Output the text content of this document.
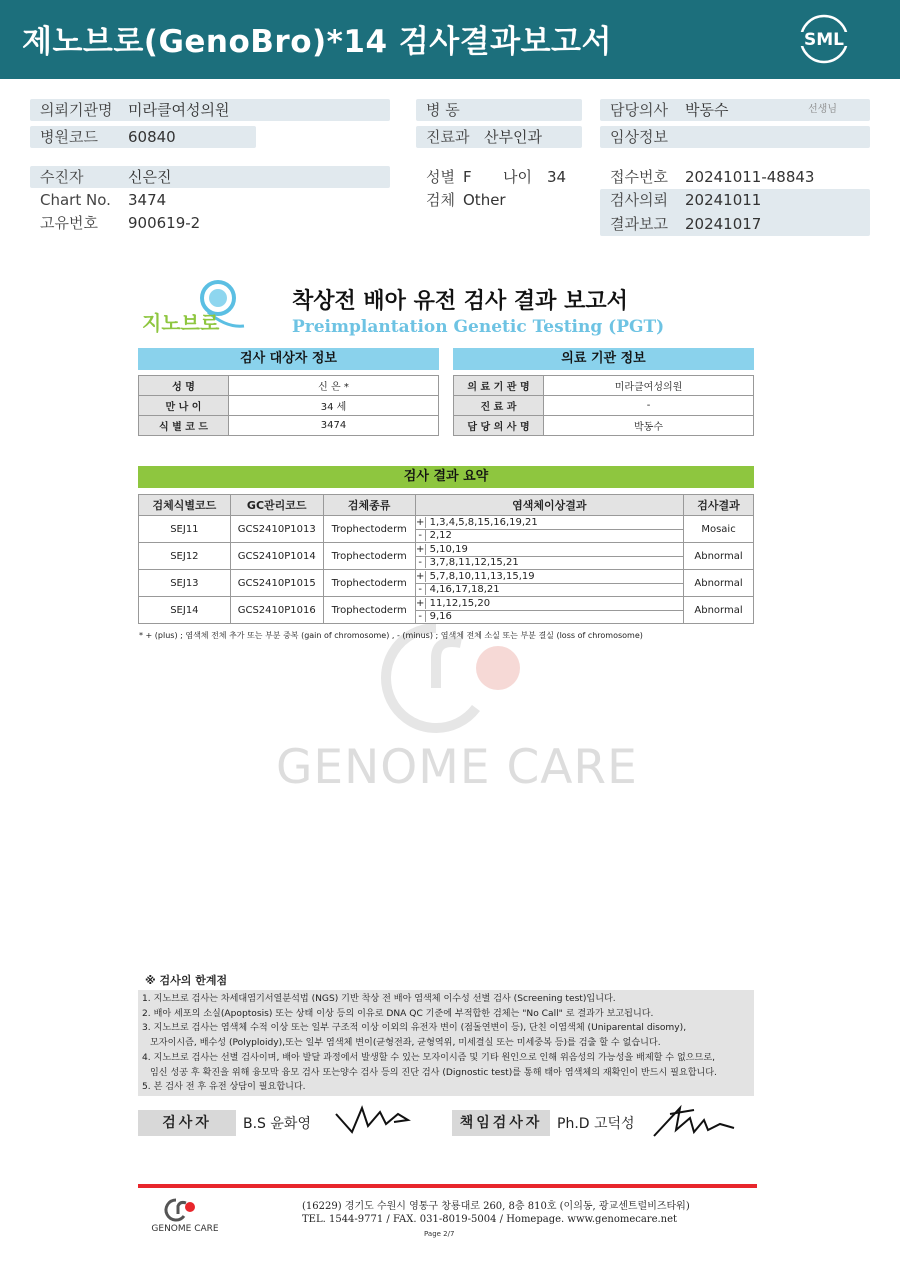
제노브로(GenoBro)*14 검사결과보고서	SML
의뢰기관명 미라클여성의원
병원코드 60840
수진자	신은진
Chart No. 3474
고유번호 900619-2
병 동
진료과 산부인과
성별 F 나이 34
검체 Other
담당의사 박동수	선생님
임상정보
접수번호 20241011-48843
검사의뢰 20241011
결과보고 20241017
지노브로
착상전 배아 유전 검사 결과 보고서
Preimplantation Genetic Testing (PGT)
검사 대상자 정보
성 명	신 은 *
만 나 이	34 세
식 별 코 드	3474
의료 기관 정보
의 료 기 관 명	미라클여성의원
진 료 과	-
담 당 의 사 명	박동수
GENOME CARE
검사 결과 요약
검체식별코드	GC관리코드	검체종류	염색체이상결과	검사결과
SEJ11	GCS2410P1013	Trophectoderm	+ 1,3,4,5,8,15,16,19,21	Mosaic
			- 2,12	
SEJ12	GCS2410P1014	Trophectoderm	+ 5,10,19	Abnormal
			- 3,7,8,11,12,15,21	
SEJ13	GCS2410P1015	Trophectoderm	+ 5,7,8,10,11,13,15,19	Abnormal
			- 4,16,17,18,21	
SEJ14	GCS2410P1016	Trophectoderm	+ 11,12,15,20	Abnormal
			- 9,16	
* + (plus) ; 염색체 전체 추가 또는 부분 중복 (gain of chromosome) , - (minus) ; 염색체 전체 소실 또는 부분 결실 (loss of chromosome)
※ 검사의 한계점
1. 지노브로 검사는 차세대염기서열분석법 (NGS) 기반 착상 전 배아 염색체 이수성 선별 검사 (Screening test)입니다.
2. 배아 세포의 소실(Apoptosis) 또는 상태 이상 등의 이유로 DNA QC 기준에 부적합한 검체는 "No Call" 로 결과가 보고됩니다.
3. 지노브로 검사는 염색체 수적 이상 또는 일부 구조적 이상 이외의 유전자 변이 (점돌연변이 등), 단친 이염색체 (Uniparental disomy),
모자이시즘, 배수성 (Polyploidy),또는 일부 염색체 변이(균형전좌, 균형역위, 미세결실 또는 미세중복 등)를 검출 할 수 없습니다.
4. 지노브로 검사는 선별 검사이며, 배아 발달 과정에서 발생할 수 있는 모자이시즘 및 기타 원인으로 인해 위음성의 가능성을 배제할 수 없으므로,
임신 성공 후 확진을 위해 융모막 융모 검사 또는양수 검사 등의 진단 검사 (Dignostic test)를 통해 태아 염색체의 재확인이 반드시 필요합니다.
5. 본 검사 전 후 유전 상담이 필요합니다.
검사자	B.S 윤화영	책임검사자	Ph.D 고덕성
GENOME CARE
(16229) 경기도 수원시 영통구 창룡대로 260, 8층 810호 (이의동, 광교센트럴비즈타워)
TEL. 1544-9771 / FAX. 031-8019-5004 / Homepage. www.genomecare.net
Page 2/7
